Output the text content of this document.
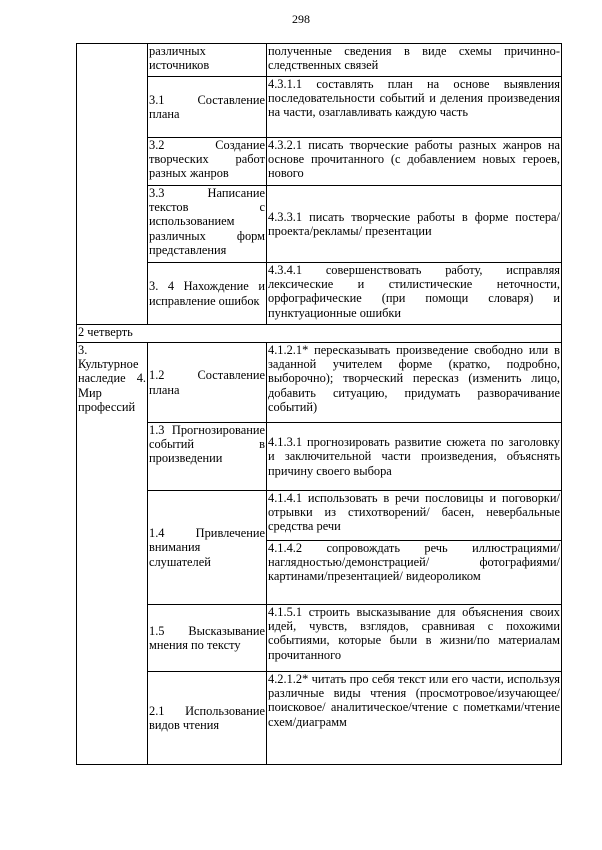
298
	различных источников	полученные сведения в виде схемы причинно-следственных связей
	3.1 Составление плана	4.3.1.1 составлять план на основе выявления последовательности событий и деления произведения на части, озаглавливать каждую часть
	3.2 Создание творческих работ разных жанров	4.3.2.1 писать творческие работы разных жанров на основе прочитанного (с добавлением новых героев, нового
	3.3 Написание текстов с использованием различных форм представления	4.3.3.1 писать творческие работы в форме постера/проекта/рекламы/ презентации
	3. 4 Нахождение и исправление ошибок	4.3.4.1 совершенствовать работу, исправляя лексические и стилистические неточности, орфографические (при помощи словаря) и пунктуационные ошибки
2 четверть		
3. Культурное наследие 4. Мир профессий	1.2 Составление плана	4.1.2.1* пересказывать произведение свободно или в заданной учителем форме (кратко, подробно, выборочно); творческий пересказ (изменить лицо, добавить ситуацию, придумать разворачивание событий)
	1.3 Прогнозирование событий в произведении	4.1.3.1 прогнозировать развитие сюжета по заголовку и заключительной части произведения, объяснять причину своего выбора
	1.4 Привлечение внимания слушателей	4.1.4.1 использовать в речи пословицы и поговорки/ отрывки из стихотворений/ басен, невербальные средства речи
		4.1.4.2 сопровождать речь иллюстрациями/наглядностью/демонстрацией/ фотографиями/картинами/презентацией/ видеороликом
	1.5 Высказывание мнения по тексту	4.1.5.1 строить высказывание для объяснения своих идей, чувств, взглядов, сравнивая с похожими событиями, которые были в жизни/по материалам прочитанного
	2.1 Использование видов чтения	4.2.1.2* читать про себя текст или его части, используя различные виды чтения (просмотровое/изучающее/поисковое/ аналитическое/чтение с пометками/чтение схем/диаграмм
